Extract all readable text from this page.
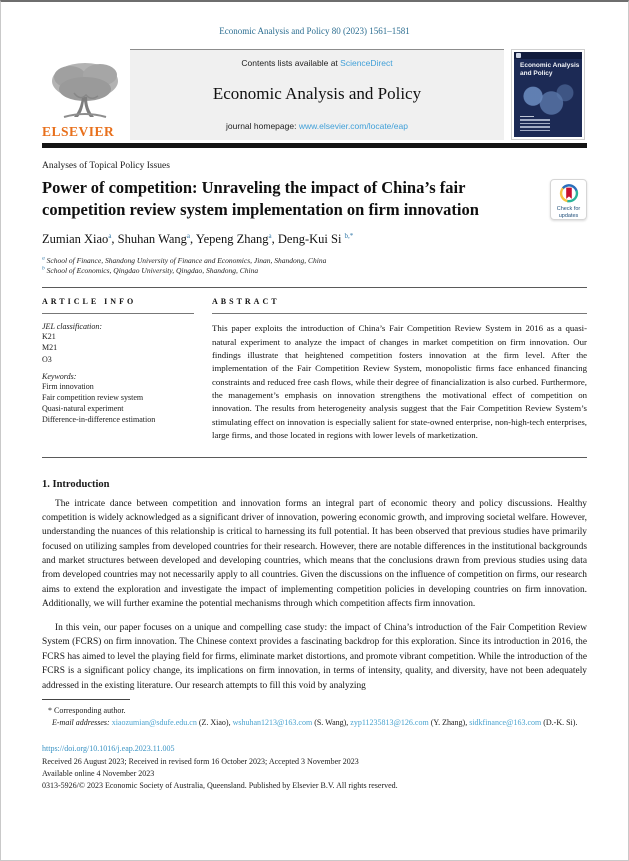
Economic Analysis and Policy 80 (2023) 1561–1581
ELSEVIER
Contents lists available at ScienceDirect
Economic Analysis and Policy
journal homepage: www.elsevier.com/locate/eap
Economic Analysis
and Policy
Analyses of Topical Policy Issues
Power of competition: Unraveling the impact of China’s fair competition review system implementation on firm innovation	Check for
updates
Zumian Xiao$^a$, Shuhan Wang$^a$, Yepeng Zhang$^a$, Deng-Kui Si $^{b,*}$
$^a$ School of Finance, Shandong University of Finance and Economics, Jinan, Shandong, China
$^b$ School of Economics, Qingdao University, Qingdao, Shandong, China
ARTICLE INFO
JEL classification:
K21
M21
O3
Keywords:
Firm innovation
Fair competition review system
Quasi-natural experiment
Difference-in-difference estimation
ABSTRACT
This paper exploits the introduction of China’s Fair Competition Review System in 2016 as a quasi-natural experiment to analyze the impact of changes in market competition on firm innovation. Our findings illustrate that heightened competition fosters innovation at the firm level. After the implementation of the Fair Competition Review System, monopolistic firms face enhanced financing constraints and reduced free cash flows, while their degree of financialization is also curbed. Furthermore, the management’s emphasis on innovation strengthens the motivational effect of competition on innovation. The results from heterogeneity analysis suggest that the Fair Competition Review System’s stimulating effect on innovation is especially salient for state-owned enterprise, non-high-tech enterprises, large firms, and those located in regions with lower levels of marketization.
1. Introduction

The intricate dance between competition and innovation forms an integral part of economic theory and policy discussions. Healthy competition is widely acknowledged as a significant driver of innovation, powering economic growth, and improving societal welfare. However, understanding the nuances of this relationship is critical to harnessing its full potential. It has been observed that previous studies have primarily focused on utilizing samples from developed countries for their research. However, there are notable differences in the institutional backgrounds and market structures between developed and developing countries, which means that the conclusions drawn from previous studies using data from developed countries may not necessarily apply to all countries. Given the discussions on the influence of competition on firms, our research aims to extend the exploration and investigate the impact of implementing competition policies in developing countries on firm innovation. Additionally, we will further examine the potential mechanisms through which competition affects firm innovation.

In this vein, our paper focuses on a unique and compelling case study: the impact of China’s introduction of the Fair Competition Review System (FCRS) on firm innovation. The Chinese context provides a fascinating backdrop for this exploration. Since its introduction in 2016, the FCRS has aimed to level the playing field for firms, eliminate market distortions, and promote vibrant competition. While the introduction of the FCRS is a significant policy change, its implications on firm innovation, in terms of intensity, quality, and diversity, have not been adequately addressed in the existing literature. Our research attempts to fill this void by analyzing

* Corresponding author.
E-mail addresses: xiaozumian@sdufe.edu.cn (Z. Xiao), wshuhan1213@163.com (S. Wang), zyp11235813@126.com (Y. Zhang), sidkfinance@163.com (D.-K. Si).
https://doi.org/10.1016/j.eap.2023.11.005
Received 26 August 2023; Received in revised form 16 October 2023; Accepted 3 November 2023
Available online 4 November 2023
0313-5926/© 2023 Economic Society of Australia, Queensland. Published by Elsevier B.V. All rights reserved.
